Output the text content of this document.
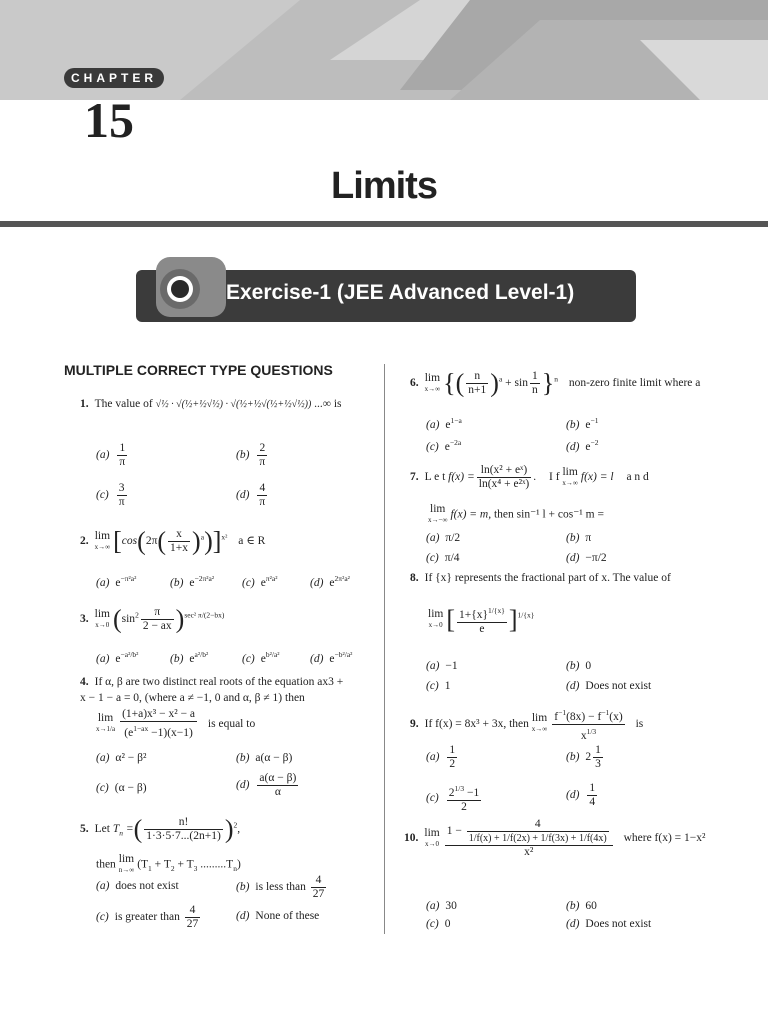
CHAPTER
15
Limits
Exercise-1 (JEE Advanced Level-1)
MULTIPLE CORRECT TYPE QUESTIONS
1. The value of √½ · √(½+½√½) · √(½+½√(½+½√½)) ...∞ is
$(a) \frac{1}{\pi}$	$(b) \frac{2}{\pi}$
$(c) \frac{3}{\pi}$	$(d) \frac{4}{\pi}$
2. lim
x→∞ $[\cos(2\pi( \frac{x}{1+x} )^a)]^{x^2}$ a ∈ R
(a) $e^{-\pi^2a^2}$	(b) $e^{-2\pi^2a^2}$ (c) $e^{\pi^2a^2}$	(d) $e^{2\pi^2a^2}$
3. lim
x→0 $(\sin^2 \frac{\pi}{2 - ax} )^{sec^2 \pi/(2-bx)}$
(a) $e^{-a^2/b^2}$	(b) $e^{a^2/b^2}$	(c) $e^{b^2/a^2}$	(d) $e^{-b^2/a^2}$
4. If α, β are two distinct real roots of the equation ax3 +
x − 1 − a = 0, (where a ≠ −1, 0 and α, β ≠ 1) then
lim
$x\to 1/a \frac{\text{(1+a)x³ − x² − a}}{(e^{1-ax} -1)(x-1)}$ is equal to
(a) α² − β²	(b) a(α − β)
(c) (α − β)	$(d) \frac{a(\alpha - \beta)}{\alpha}$
5. Let $T_n$ =( $\frac{n!}{1\cdot 3\cdot 5\cdot 7...(2n+1)} )^2$,
then lim
n→∞ ($T_1 + T_2 + T_3$ $.........T_n$)
(a) does not exist	(b) is less than $\frac{4}{27}$
(c) is greater than $\frac{4}{27}$	(d) None of these
6. lim
x→∞ {( $\frac{n}{n+1} )^a + \sin \frac{1}{n} \}^n$ non-zero finite limit where a
(a) $e^{1-a}$	(b) $e^{-1}$
(c) $e^{-2a}$	(d) $e^{-2}$
7. L e t $f(x) = \frac{\text{ln(x² + eˣ)}}{\text{ln(x⁴ + e²ˣ)}}$ . I f lim
x→∞ f(x) = l a n d
lim
x→−∞ f(x) = m, then sin⁻¹ l + cos⁻¹ m =
(a) π/2	(b) π
(c) π/4	(d) −π/2
8. If {x} represents the fractional part of x. The value of
lim
x→0 [ $\frac{1+\{x\}^{1/\{x\}}}{e} ]^{1/\{x\}}$
(a) −1	(b) 0
(c) 1	(d) Does not exist
9. If f(x) = 8x³ + 3x, then lim
$x\to\infty \frac{f^{-1}(8x) - f^{-1}(x)}{x^{1/3}}$ is
$(a) \frac{1}{2}$	(b) $2 \frac{1}{3}$
$(c) \frac{2^{1/3} -1}{2}$	$(d) \frac{1}{4}$
10. lim
$x\to 0 \frac{1 - \frac{4}{1/f(x) + 1/f(2x) + 1/f(3x) + 1/f(4x)}}{\text{x²}}$ where f(x) = 1−x²
(a) 30	(b) 60
(c) 0	(d) Does not exist
